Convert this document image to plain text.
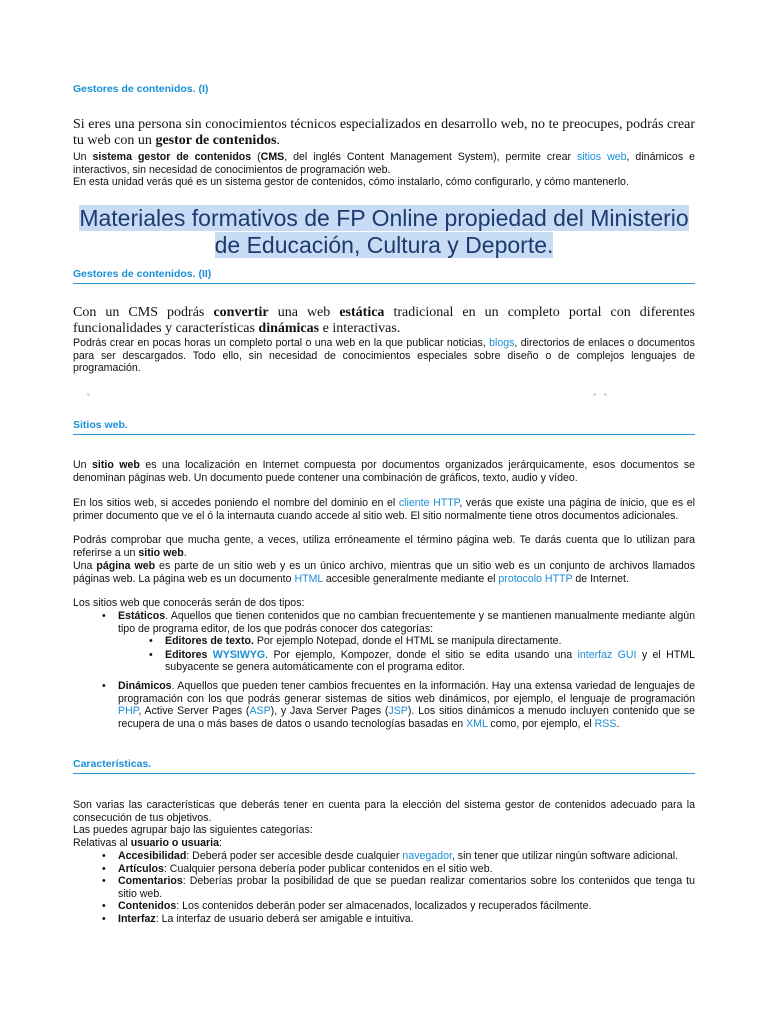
Gestores de contenidos. (I)
Si eres una persona sin conocimientos técnicos especializados en desarrollo web, no te preocupes, podrás crear tu web con un gestor de contenidos.
Un sistema gestor de contenidos (CMS, del inglés Content Management System), permite crear sitios web, dinámicos e interactivos, sin necesidad de conocimientos de programación web.
En esta unidad verás qué es un sistema gestor de contenidos, cómo instalarlo, cómo configurarlo, y cómo mantenerlo.
Materiales formativos de FP Online propiedad del Ministerio
de Educación, Cultura y Deporte.
Gestores de contenidos. (II)
Con un CMS podrás convertir una web estática tradicional en un completo portal con diferentes funcionalidades y características dinámicas e interactivas.
Podrás crear en pocas horas un completo portal o una web en la que publicar noticias, blogs, directorios de enlaces o documentos para ser descargados. Todo ello, sin necesidad de conocimientos especiales sobre diseño o de complejos lenguajes de programación.
Sitios web.
Un sitio web es una localización en Internet compuesta por documentos organizados jerárquicamente, esos documentos se denominan páginas web. Un documento puede contener una combinación de gráficos, texto, audio y vídeo.
En los sitios web, si accedes poniendo el nombre del dominio en el cliente HTTP, verás que existe una página de inicio, que es el primer documento que ve el ó la internauta cuando accede al sitio web. El sitio normalmente tiene otros documentos adicionales.
Podrás comprobar que mucha gente, a veces, utiliza erróneamente el término página web. Te darás cuenta que lo utilizan para referirse a un sitio web.
Una página web es parte de un sitio web y es un único archivo, mientras que un sitio web es un conjunto de archivos llamados páginas web. La página web es un documento HTML accesible generalmente mediante el protocolo HTTP de Internet.
Los sitios web que conocerás serán de dos tipos:
• Estáticos. Aquellos que tienen contenidos que no cambian frecuentemente y se mantienen manualmente mediante algún tipo de programa editor, de los que podrás conocer dos categorías:
• Editores de texto. Por ejemplo Notepad, donde el HTML se manipula directamente.
• Editores WYSIWYG. Por ejemplo, Kompozer, donde el sitio se edita usando una interfaz GUI y el HTML subyacente se genera automáticamente con el programa editor.
• Dinámicos. Aquellos que pueden tener cambios frecuentes en la información. Hay una extensa variedad de lenguajes de programación con los que podrás generar sistemas de sitios web dinámicos, por ejemplo, el lenguaje de programación PHP, Active Server Pages (ASP), y Java Server Pages (JSP). Los sitios dinámicos a menudo incluyen contenido que se recupera de una o más bases de datos o usando tecnologías basadas en XML como, por ejemplo, el RSS.
Características.
Son varias las características que deberás tener en cuenta para la elección del sistema gestor de contenidos adecuado para la consecución de tus objetivos.
Las puedes agrupar bajo las siguientes categorías:
Relativas al usuario o usuaria:
• Accesibilidad: Deberá poder ser accesible desde cualquier navegador, sin tener que utilizar ningún software adicional.
• Artículos: Cualquier persona debería poder publicar contenidos en el sitio web.
• Comentarios: Deberías probar la posibilidad de que se puedan realizar comentarios sobre los contenidos que tenga tu sitio web.
• Contenidos: Los contenidos deberán poder ser almacenados, localizados y recuperados fácilmente.
• Interfaz: La interfaz de usuario deberá ser amigable e intuitiva.
